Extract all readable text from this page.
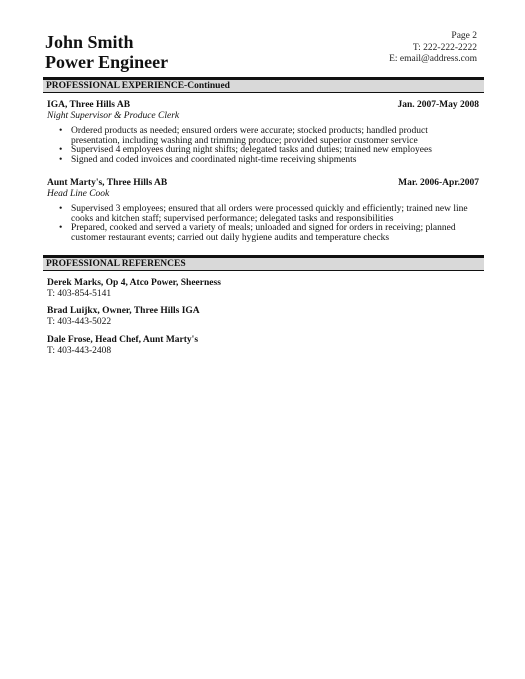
John Smith
Power Engineer
Page 2
T: 222-222-2222
E: email@address.com
PROFESSIONAL EXPERIENCE-Continued
IGA, Three Hills AB	Jan. 2007-May 2008
Night Supervisor & Produce Clerk
• Ordered products as needed; ensured orders were accurate; stocked products; handled product presentation, including washing and trimming produce; provided superior customer service
• Supervised 4 employees during night shifts; delegated tasks and duties; trained new employees
• Signed and coded invoices and coordinated night-time receiving shipments
Aunt Marty's, Three Hills AB	Mar. 2006-Apr.2007
Head Line Cook
• Supervised 3 employees; ensured that all orders were processed quickly and efficiently; trained new line cooks and kitchen staff; supervised performance; delegated tasks and responsibilities
• Prepared, cooked and served a variety of meals; unloaded and signed for orders in receiving; planned customer restaurant events; carried out daily hygiene audits and temperature checks
PROFESSIONAL REFERENCES
Derek Marks, Op 4, Atco Power, Sheerness
T: 403-854-5141
Brad Luijkx, Owner, Three Hills IGA
T: 403-443-5022
Dale Frose, Head Chef, Aunt Marty's
T: 403-443-2408
